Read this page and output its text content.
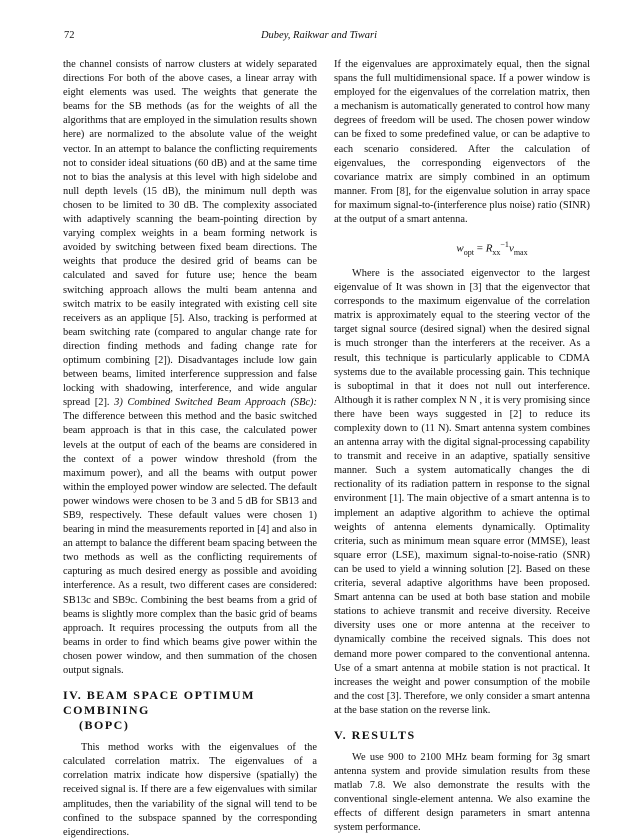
72	Dubey, Raikwar and Tiwari

the channel consists of narrow clusters at widely separated directions For both of the above cases, a linear array with eight elements was used. The weights that generate the beams for the SB methods (as for the weights of all the algorithms that are employed in the simulation results shown here) are normalized to the absolute value of the weight vector. In an attempt to balance the conflicting requirements not to consider ideal situations (60 dB) and at the same time not to bias the analysis at this level with high sidelobe and null depth levels (15 dB), the minimum null depth was chosen to be limited to 30 dB. The complexity associated with adaptively scanning the beam-pointing direction by varying complex weights in a beam forming network is avoided by switching between fixed beam directions. The weights that produce the desired grid of beams can be calculated and saved for future use; hence the beam switching approach allows the multi beam antenna and switch matrix to be easily integrated with existing cell site receivers as an applique [5]. Also, tracking is performed at beam switching rate (compared to angular change rate for direction finding methods and fading change rate for optimum combining [2]). Disadvantages include low gain between beams, limited interference suppression and false locking with shadowing, interference, and wide angular spread [2]. 3) Combined Switched Beam Approach (SBc): The difference between this method and the basic switched beam approach is that in this case, the calculated power levels at the output of each of the beams are considered in the context of a power window threshold (from the maximum power), and all the beams with output power within the employed power window are selected. The default power windows were chosen to be 3 and 5 dB for SB13 and SB9, respectively. These default values were chosen 1) bearing in mind the measurements reported in [4] and also in an attempt to balance the different beam spacing between the two methods as well as the conflicting requirements of capturing as much desired energy as possible and avoiding interference. As a result, two different cases are considered: SB13c and SB9c. Combining the best beams from a grid of beams is slightly more complex than the basic grid of beams approach. It requires processing the outputs from all the beams in order to find which beams give power within the chosen power window, and then summation of the chosen output signals.

IV. BEAM SPACE OPTIMUM COMBINING
(BOPC)

This method works with the eigenvalues of the calculated correlation matrix. The eigenvalues of a correlation matrix indicate how dispersive (spatially) the received signal is. If there are a few eigenvalues with similar amplitudes, then the variability of the signal will tend to be confined to the subspace spanned by the corresponding eigendirections.

If the eigenvalues are approximately equal, then the signal spans the full multidimensional space. If a power window is employed for the eigenvalues of the correlation matrix, then a mechanism is automatically generated to control how many degrees of freedom will be used. The chosen power window can be fixed to some predefined value, or can be adaptive to each scenario considered. After the calculation of eigenvalues, the corresponding eigenvectors of the covariance matrix are simply combined in an optimum manner. From [8], for the eigenvalue solution in array space for maximum signal-to-(interference plus noise) ratio (SINR) at the output of a smart antenna.

$w_{opt} = R_{xx}^{-1}v_{max}$

Where is the associated eigenvector to the largest eigenvalue of It was shown in [3] that the eigenvector that corresponds to the maximum eigenvalue of the correlation matrix is approximately equal to the steering vector of the target signal source (desired signal) when the desired signal is much stronger than the interferers at the receiver. As a result, this technique is particularly applicable to CDMA systems due to the available processing gain. This technique is suboptimal in that it does not null out interference. Although it is rather complex N N , it is very promising since there have been ways suggested in [2] to reduce its complexity down to (11 N). Smart antenna system combines an antenna array with the digital signal-processing capability to transmit and receive in an adaptive, spatially sensitive manner. Such a system automatically changes the di rectionality of its radiation pattern in response to the signal environment [1]. The main objective of a smart antenna is to implement an adaptive algorithm to achieve the optimal weights of antenna elements dynamically. Optimality criteria, such as minimum mean square error (MMSE), least square error (LSE), maximum signal-to-noise-ratio (SNR) can be used to yield a winning solution [2]. Based on these criteria, several adaptive algorithms have been proposed. Smart antenna can be used at both base station and mobile stations to achieve transmit and receive diversity. Receive diversity uses one or more antenna at the receiver to dynamically combine the received signals. This does not demand more power compared to the conventional antenna. Use of a smart antenna at mobile station is not practical. It increases the weight and power consumption of the mobile and the cost [3]. Therefore, we only consider a smart antenna at the base station on the reverse link.

V. RESULTS

We use 900 to 2100 MHz beam forming for 3g smart antenna system and provide simulation results from these matlab 7.8. We also demonstrate the results with the conventional single-element antenna. We also examine the effects of different design parameters in smart antenna system performance.
